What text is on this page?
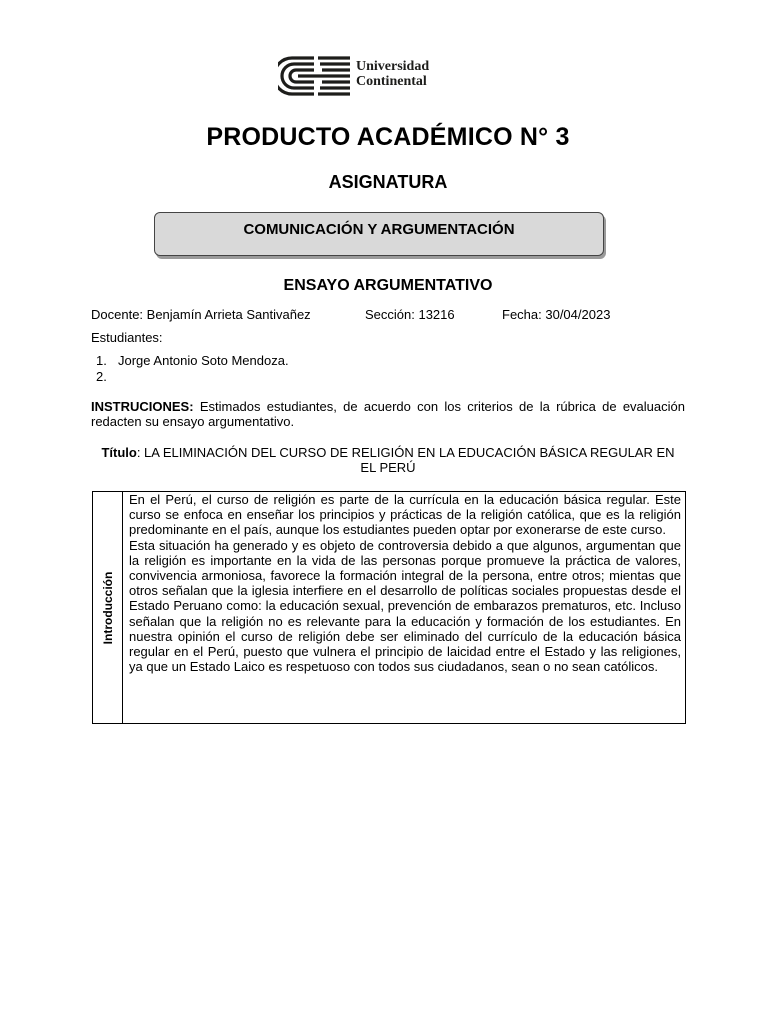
Universidad
Continental
PRODUCTO ACADÉMICO N° 3
ASIGNATURA
COMUNICACIÓN Y ARGUMENTACIÓN
ENSAYO ARGUMENTATIVO
Docente: Benjamín Arrieta Santivañez	Sección: 13216	Fecha: 30/04/2023
Estudiantes:
1. Jorge Antonio Soto Mendoza.
2.
INSTRUCIONES: Estimados estudiantes, de acuerdo con los criterios de la rúbrica de evaluación redacten su ensayo argumentativo.
Título: LA ELIMINACIÓN DEL CURSO DE RELIGIÓN EN LA EDUCACIÓN BÁSICA REGULAR EN EL PERÚ
Introducción

En el Perú, el curso de religión es parte de la currícula en la educación básica regular. Este curso se enfoca en enseñar los principios y prácticas de la religión católica, que es la religión predominante en el país, aunque los estudiantes pueden optar por exonerarse de este curso.

Esta situación ha generado y es objeto de controversia debido a que algunos, argumentan que la religión es importante en la vida de las personas porque promueve la práctica de valores, convivencia armoniosa, favorece la formación integral de la persona, entre otros; mientas que otros señalan que la iglesia interfiere en el desarrollo de políticas sociales propuestas desde el Estado Peruano como: la educación sexual, prevención de embarazos prematuros, etc. Incluso señalan que la religión no es relevante para la educación y formación de los estudiantes. En nuestra opinión el curso de religión debe ser eliminado del currículo de la educación básica regular en el Perú, puesto que vulnera el principio de laicidad entre el Estado y las religiones, ya que un Estado Laico es respetuoso con todos sus ciudadanos, sean o no sean católicos.
